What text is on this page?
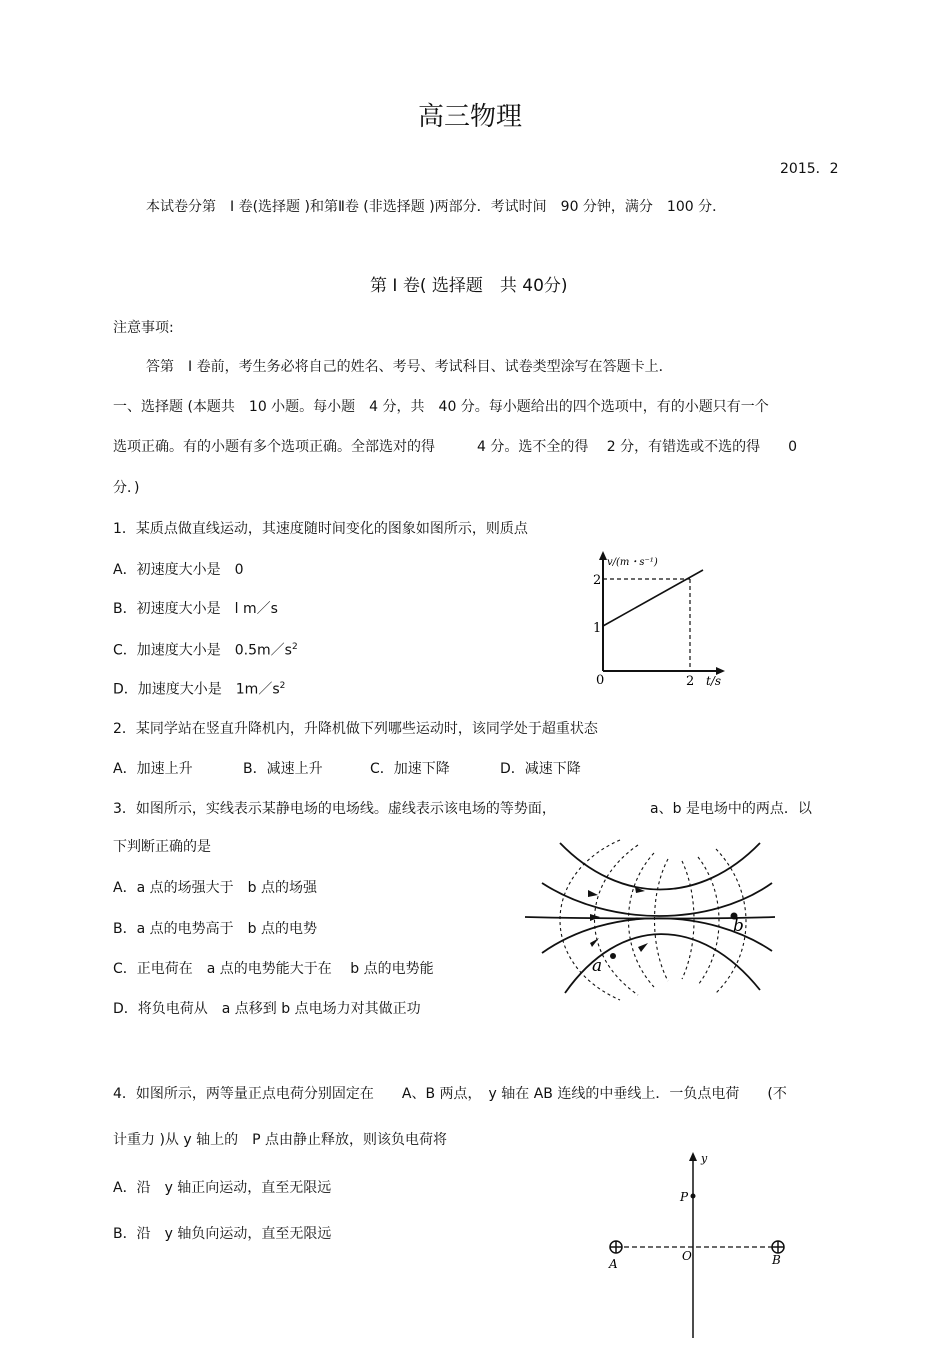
高三物理
2015．2
本试卷分第　I 卷(选择题 )和第Ⅱ卷 (非选择题 )两部分．考试时间　90 分钟，满分　100 分．
第 I 卷( 选择题　共 40分)
注意事项:
答第　I 卷前，考生务必将自己的姓名、考号、考试科目、试卷类型涂写在答题卡上．
一、选择题 (本题共　10 小题。每小题　4 分，共　40 分。每小题给出的四个选项中，有的小题只有一个
选项正确。有的小题有多个选项正确。全部选对的得　　　4 分。选不全的得　 2 分，有错选或不选的得　　0
分．)
1．某质点做直线运动，其速度随时间变化的图象如图所示，则质点
A．初速度大小是　0
B．初速度大小是　l m／s
C．加速度大小是　$0.5m/s^2$
D．加速度大小是　$1m/s^2$
v/(m・s⁻¹)
2
1
0	2 t/s
2．某同学站在竖直升降机内，升降机做下列哪些运动时，该同学处于超重状态
A．加速上升	B．减速上升	C．加速下降	D．减速下降
3．如图所示，实线表示某静电场的电场线。虚线表示该电场的等势面，	a、b 是电场中的两点．以
下判断正确的是
A．a 点的场强大于　b 点的场强
B．a 点的电势高于　b 点的电势
C．正电荷在　a 点的电势能大于在　 b 点的电势能
D．将负电荷从　a 点移到 b 点电场力对其做正功
b
a
4．如图所示，两等量正点电荷分别固定在　　A、B 两点，　y 轴在 AB 连线的中垂线上．一负点电荷　　(不
计重力 )从 y 轴上的　P 点由静止释放，则该负电荷将
A．沿　y 轴正向运动，直至无限远
B．沿　y 轴负向运动，直至无限远
y
P
O
A	B
